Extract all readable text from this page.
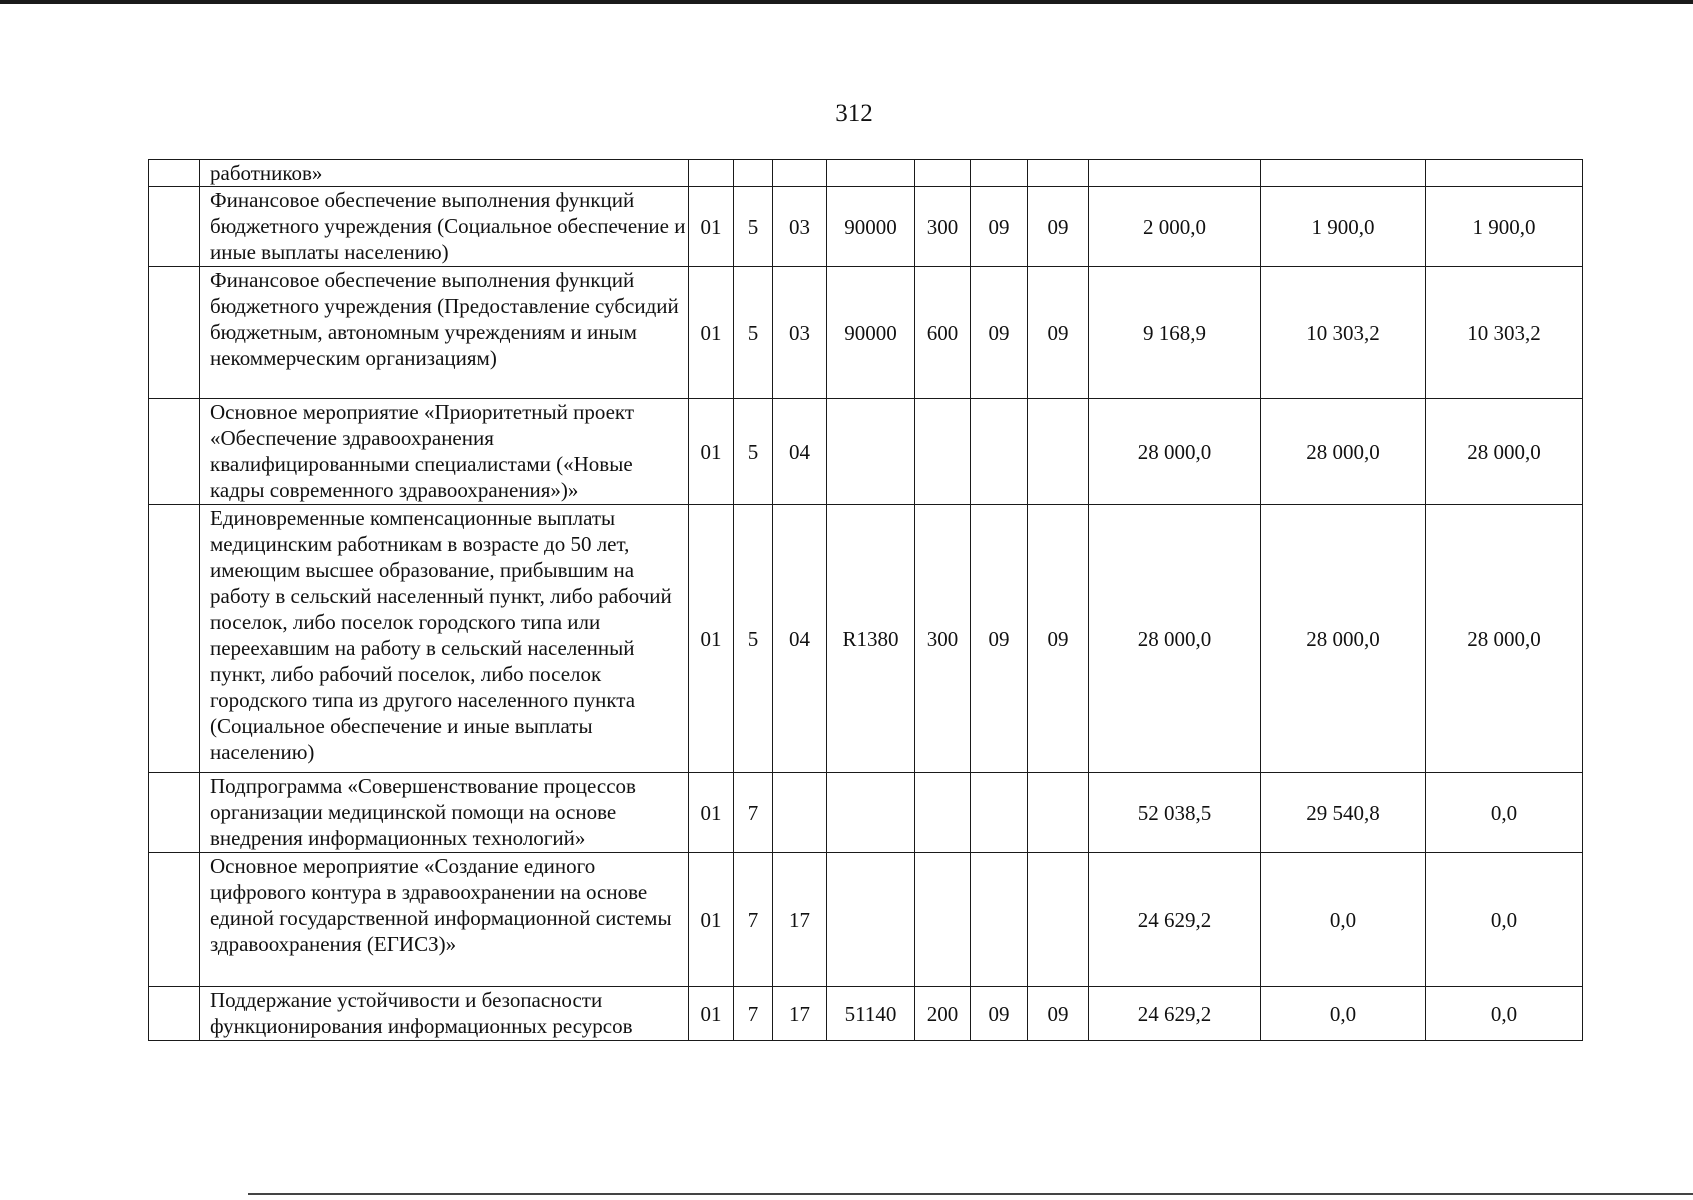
312
	работников»										
	Финансовое обеспечение выполнения функций бюджетного учреждения (Социальное обеспечение и иные выплаты населению)	01	5	03	90000	300	09	09	2 000,0	1 900,0	1 900,0
	Финансовое обеспечение выполнения функций бюджетного учреждения (Предоставление субсидий бюджетным, автономным учреждениям и иным некоммерческим организациям)	01	5	03	90000	600	09	09	9 168,9	10 303,2	10 303,2
	Основное мероприятие «Приоритетный проект «Обеспечение здравоохранения квалифицированными специалистами («Новые кадры современного здравоохранения»)»	01	5	04					28 000,0	28 000,0	28 000,0
	Единовременные компенсационные выплаты медицинским работникам в возрасте до 50 лет, имеющим высшее образование, прибывшим на работу в сельский населенный пункт, либо рабочий поселок, либо поселок городского типа или переехавшим на работу в сельский населенный пункт, либо рабочий поселок, либо поселок городского типа из другого населенного пункта (Социальное обеспечение и иные выплаты населению)	01	5	04	R1380	300	09	09	28 000,0	28 000,0	28 000,0
	Подпрограмма «Совершенствование процессов организации медицинской помощи на основе внедрения информационных технологий»	01	7						52 038,5	29 540,8	0,0
	Основное мероприятие «Создание единого цифрового контура в здравоохранении на основе единой государственной информационной системы здравоохранения (ЕГИСЗ)»	01	7	17					24 629,2	0,0	0,0
	Поддержание устойчивости и безопасности функционирования информационных ресурсов	01	7	17	51140	200	09	09	24 629,2	0,0	0,0
